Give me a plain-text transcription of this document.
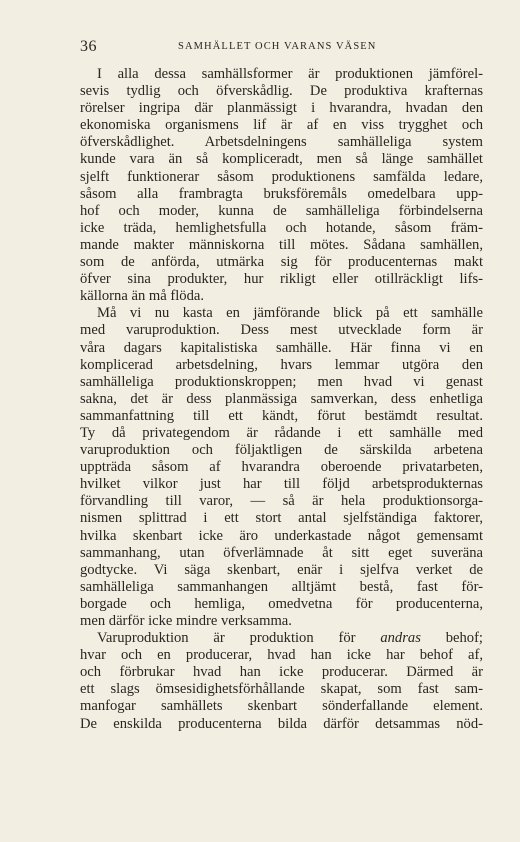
36	SAMHÄLLET OCH VARANS VÄSEN
I alla dessa samhällsformer är produktionen jämförel-
sevis tydlig och öfverskådlig. De produktiva krafternas
rörelser ingripa där planmässigt i hvarandra, hvadan den
ekonomiska organismens lif är af en viss trygghet och
öfverskådlighet. Arbetsdelningens samhälleliga system
kunde vara än så kompliceradt, men så länge samhället
sjelft funktionerar såsom produktionens samfälda ledare,
såsom alla frambragta bruksföremåls omedelbara upp-
hof och moder, kunna de samhälleliga förbindelserna
icke träda, hemlighetsfulla och hotande, såsom främ-
mande makter människorna till mötes. Sådana samhällen,
som de anförda, utmärka sig för producenternas makt
öfver sina produkter, hur rikligt eller otillräckligt lifs-
källorna än må flöda.
Må vi nu kasta en jämförande blick på ett samhälle
med varuproduktion. Dess mest utvecklade form är
våra dagars kapitalistiska samhälle. Här finna vi en
komplicerad arbetsdelning, hvars lemmar utgöra den
samhälleliga produktionskroppen; men hvad vi genast
sakna, det är dess planmässiga samverkan, dess enhetliga
sammanfattning till ett kändt, förut bestämdt resultat.
Ty då privategendom är rådande i ett samhälle med
varuproduktion och följaktligen de särskilda arbetena
uppträda såsom af hvarandra oberoende privatarbeten,
hvilket vilkor just har till följd arbetsprodukternas
förvandling till varor, — så är hela produktionsorga-
nismen splittrad i ett stort antal sjelfständiga faktorer,
hvilka skenbart icke äro underkastade något gemensamt
sammanhang, utan öfverlämnade åt sitt eget suveräna
godtycke. Vi säga skenbart, enär i sjelfva verket de
samhälleliga sammanhangen alltjämt bestå, fast för-
borgade och hemliga, omedvetna för producenterna,
men därför icke mindre verksamma.
Varuproduktion är produktion för andras behof;
hvar och en producerar, hvad han icke har behof af,
och förbrukar hvad han icke producerar. Därmed är
ett slags ömsesidighetsförhållande skapat, som fast sam-
manfogar samhällets skenbart sönderfallande element.
De enskilda producenterna bilda därför detsammas nöd-
